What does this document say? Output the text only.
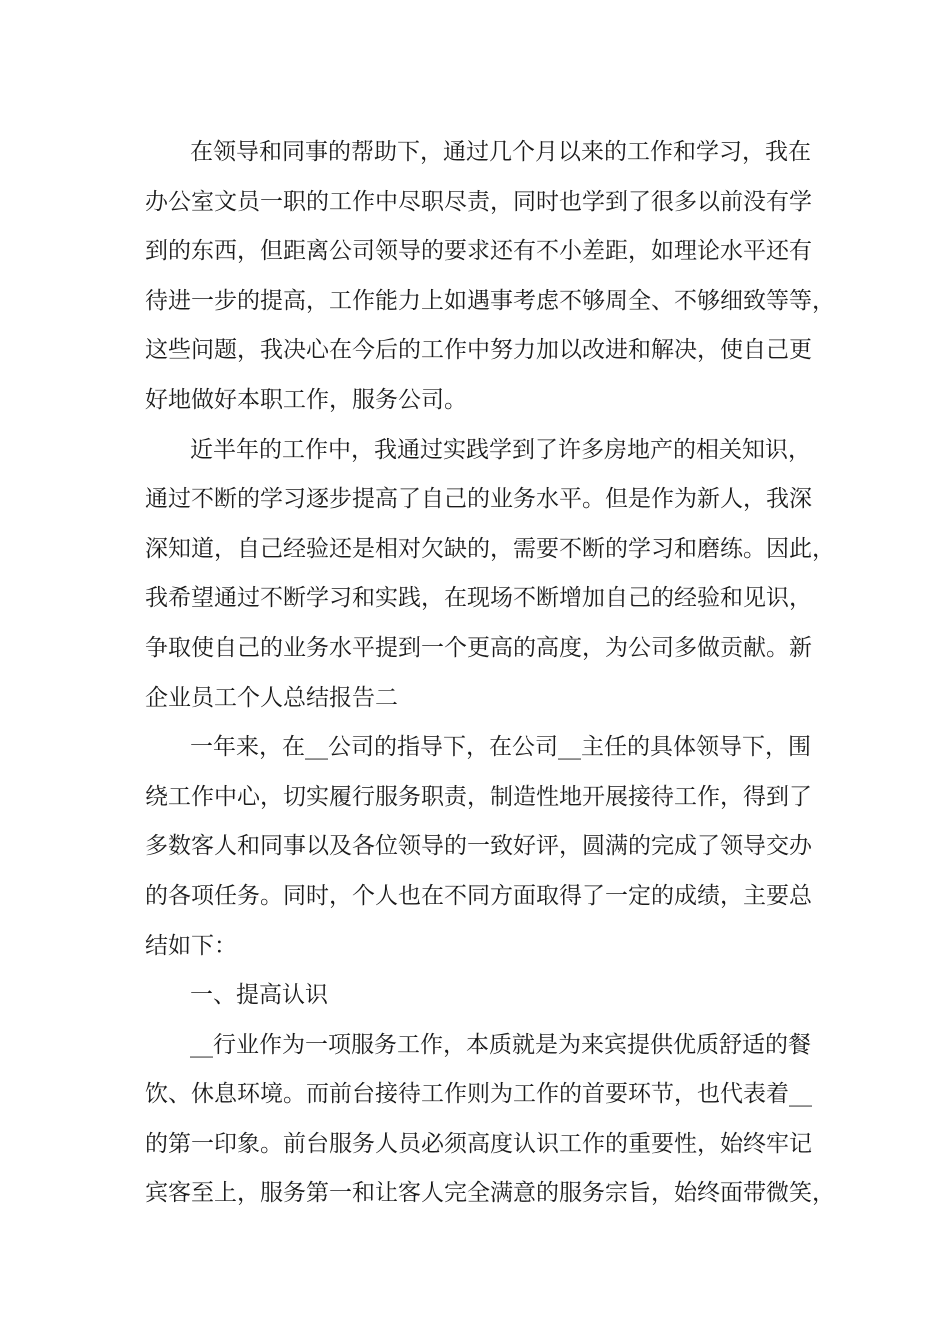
在领导和同事的帮助下，通过几个月以来的工作和学习，我在
办公室文员一职的工作中尽职尽责，同时也学到了很多以前没有学
到的东西，但距离公司领导的要求还有不小差距，如理论水平还有
待进一步的提高，工作能力上如遇事考虑不够周全、不够细致等等，
这些问题，我决心在今后的工作中努力加以改进和解决，使自己更
好地做好本职工作，服务公司。
近半年的工作中，我通过实践学到了许多房地产的相关知识，
通过不断的学习逐步提高了自己的业务水平。但是作为新人，我深
深知道，自己经验还是相对欠缺的，需要不断的学习和磨练。因此，
我希望通过不断学习和实践，在现场不断增加自己的经验和见识，
争取使自己的业务水平提到一个更高的高度，为公司多做贡献。新
企业员工个人总结报告二
一年来，在__公司的指导下，在公司__主任的具体领导下，围
绕工作中心，切实履行服务职责，制造性地开展接待工作，得到了
多数客人和同事以及各位领导的一致好评，圆满的完成了领导交办
的各项任务。同时，个人也在不同方面取得了一定的成绩，主要总
结如下：
一、提高认识
__行业作为一项服务工作，本质就是为来宾提供优质舒适的餐
饮、休息环境。而前台接待工作则为工作的首要环节，也代表着__
的第一印象。前台服务人员必须高度认识工作的重要性，始终牢记
宾客至上，服务第一和让客人完全满意的服务宗旨，始终面带微笑，
